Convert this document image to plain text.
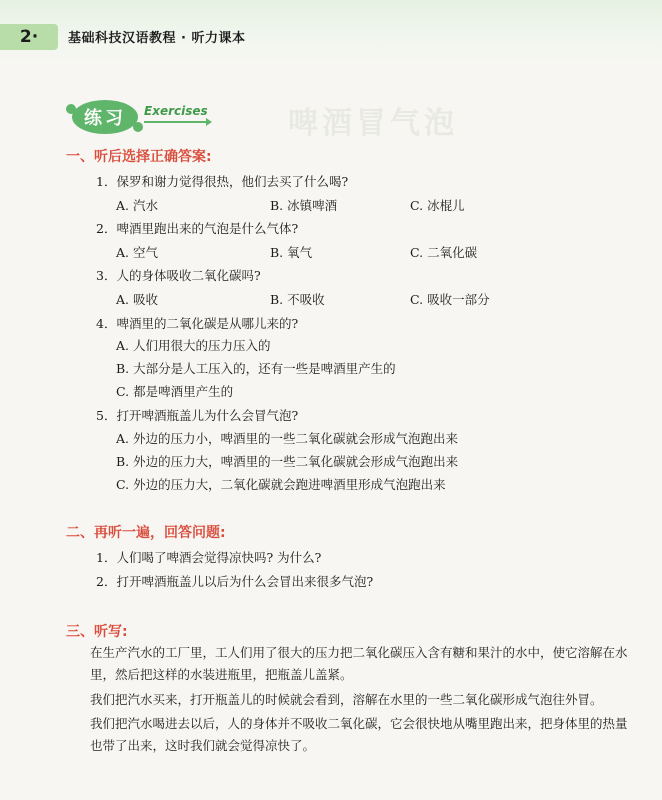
2 ·	基础科技汉语教程 · 听力课本
啤酒冒气泡
练习 Exercises
一、听后选择正确答案:
1．保罗和谢力觉得很热，他们去买了什么喝?
A. 汽水	B. 冰镇啤酒	C. 冰棍儿
2．啤酒里跑出来的气泡是什么气体?
A. 空气	B. 氧气	C. 二氧化碳
3．人的身体吸收二氧化碳吗?
A. 吸收	B. 不吸收	C. 吸收一部分
4．啤酒里的二氧化碳是从哪儿来的?
A. 人们用很大的压力压入的
B. 大部分是人工压入的，还有一些是啤酒里产生的
C. 都是啤酒里产生的
5．打开啤酒瓶盖儿为什么会冒气泡?
A. 外边的压力小，啤酒里的一些二氧化碳就会形成气泡跑出来
B. 外边的压力大，啤酒里的一些二氧化碳就会形成气泡跑出来
C. 外边的压力大，二氧化碳就会跑进啤酒里形成气泡跑出来
二、再听一遍，回答问题:
1．人们喝了啤酒会觉得凉快吗? 为什么?
2．打开啤酒瓶盖儿以后为什么会冒出来很多气泡?
三、听写:
在生产汽水的工厂里，工人们用了很大的压力把二氧化碳压入含有糖和果汁的水中，使它溶解在水里，然后把这样的水装进瓶里，把瓶盖儿盖紧。
我们把汽水买来，打开瓶盖儿的时候就会看到，溶解在水里的一些二氧化碳形成气泡往外冒。
我们把汽水喝进去以后，人的身体并不吸收二氧化碳，它会很快地从嘴里跑出来，把身体里的热量也带了出来，这时我们就会觉得凉快了。
